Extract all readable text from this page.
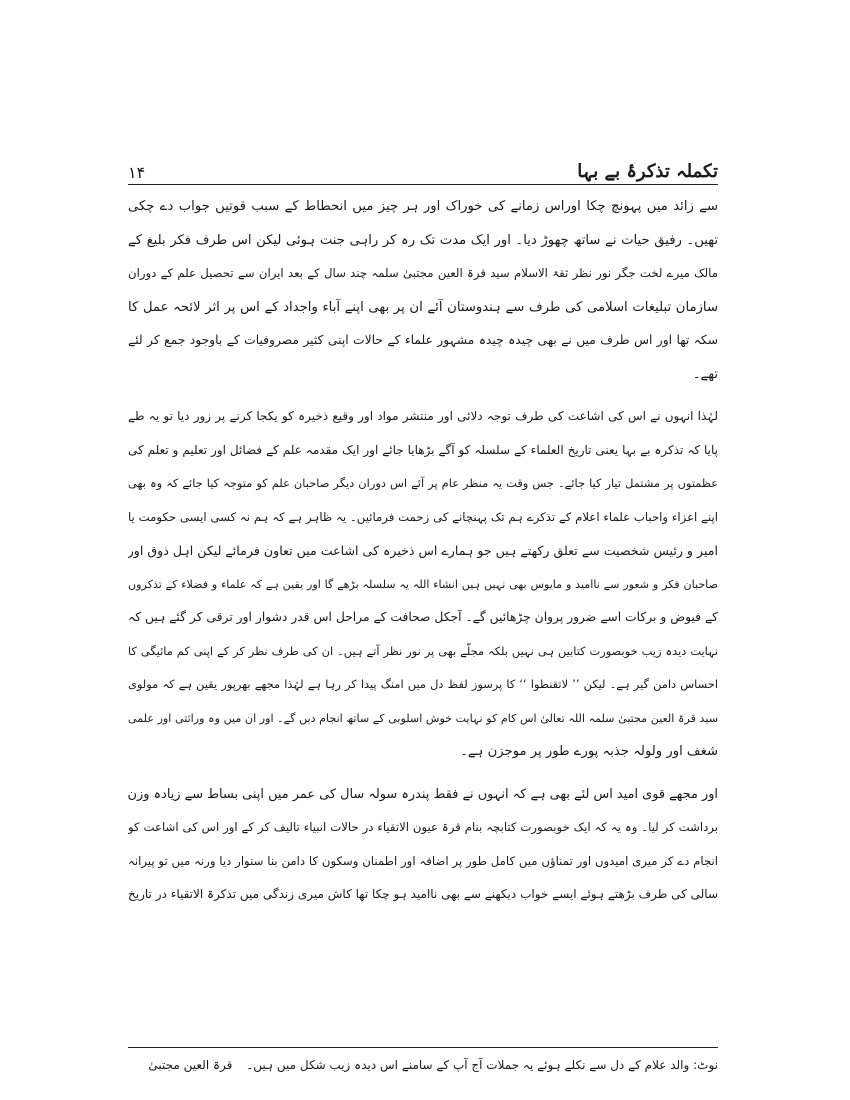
تکملہ تذکرۂ بے بہا
۱۴
سے زائد میں پہونچ چکا اوراس زمانے کی خوراک اور ہر چیز میں انحطاط کے سبب قوتیں جواب دے چکی
تھیں۔ رفیق حیات نے ساتھ چھوڑ دیا۔ اور ایک مدت تک رہ کر راہی جنت ہوئی لیکن اس طرف فکر بلیغ کے
مالک میرے لخت جگر نور نظر ثقۃ الاسلام سید قرۃ العین مجتبیٰ سلمہ چند سال کے بعد ایران سے تحصیل علم کے دوران
سازمان تبلیغات اسلامی کی طرف سے ہندوستان آئے ان پر بھی اپنے آباء واجداد کے اس پر اثر لائحہ عمل کا
سکہ تھا اور اس طرف میں نے بھی چیدہ چیدہ مشہور علماء کے حالات اپنی کثیر مصروفیات کے باوجود جمع کر لئے
تھے۔
لہٰذا انہوں نے اس کی اشاعت کی طرف توجہ دلائی اور منتشر مواد اور وقیع ذخیرہ کو یکجا کرنے پر زور دیا تو یہ طے
پایا کہ تذکرہ بے بہا یعنی تاریخ العلماء کے سلسلہ کو آگے بڑھایا جائے اور ایک مقدمہ علم کے فضائل اور تعلیم و تعلم کی
عظمتوں پر مشتمل تیار کیا جائے۔ جس وقت یہ منظر عام پر آئے اس دوران دیگر صاحبان علم کو متوجہ کیا جائے کہ وہ بھی
اپنے اعزاء واحباب علماء اعلام کے تذکرے ہم تک پہنچانے کی زحمت فرمائیں۔ یہ ظاہر ہے کہ ہم نہ کسی ایسی حکومت یا
امیر و رئیس شخصیت سے تعلق رکھتے ہیں جو ہمارے اس ذخیرہ کی اشاعت میں تعاون فرمائے لیکن اہل ذوق اور
صاحبان فکر و شعور سے ناامید و مایوس بھی نہیں ہیں انشاء اللہ یہ سلسلہ بڑھے گا اور یقین ہے کہ علماء و فضلاء کے تذکروں
کے فیوض و برکات اسے ضرور پروان چڑھائیں گے۔ آجکل صحافت کے مراحل اس قدر دشوار اور ترقی کر گئے ہیں کہ
نہایت دیدہ زیب خوبصورت کتابیں ہی نہیں بلکہ مجلّے بھی پر نور نظر آتے ہیں۔ ان کی طرف نظر کر کے اپنی کم مائیگی کا
احساس دامن گیر ہے۔ لیکن ’’ لاتقنطوا ‘‘ کا پرسوز لفظ دل میں امنگ پیدا کر رہا ہے لہٰذا مجھے بھرپور یقین ہے کہ مولوی
سید قرۃ العین مجتبیٰ سلمہ اللہ تعالیٰ اس کام کو نہایت خوش اسلوبی کے ساتھ انجام دیں گے۔ اور ان میں وہ وراثتی اور علمی
شغف اور ولولہ جذبہ پورے طور پر موجزن ہے۔
اور مجھے قوی امید اس لئے بھی ہے کہ انہوں نے فقط پندرہ سولہ سال کی عمر میں اپنی بساط سے زیادہ وزن
برداشت کر لیا۔ وہ یہ کہ ایک خوبصورت کتابچہ بنام قرۃ عیون الاتقیاء در حالات انبیاء تالیف کر کے اور اس کی اشاعت کو
انجام دے کر میری امیدوں اور تمناؤں میں کامل طور پر اضافہ اور اطمنان وسکون کا دامن بنا سنوار دیا ورنہ میں تو پیرانہ
سالی کی طرف بڑھتے ہوئے ایسے خواب دیکھنے سے بھی ناامید ہو چکا تھا کاش میری زندگی میں تذکرۃ الاتقیاء در تاریخ
نوٹ: والد علام کے دل سے نکلے ہوئے یہ جملات آج آپ کے سامنے اس دیدہ زیب شکل میں ہیں۔ قرۃ العین مجتبیٰ
